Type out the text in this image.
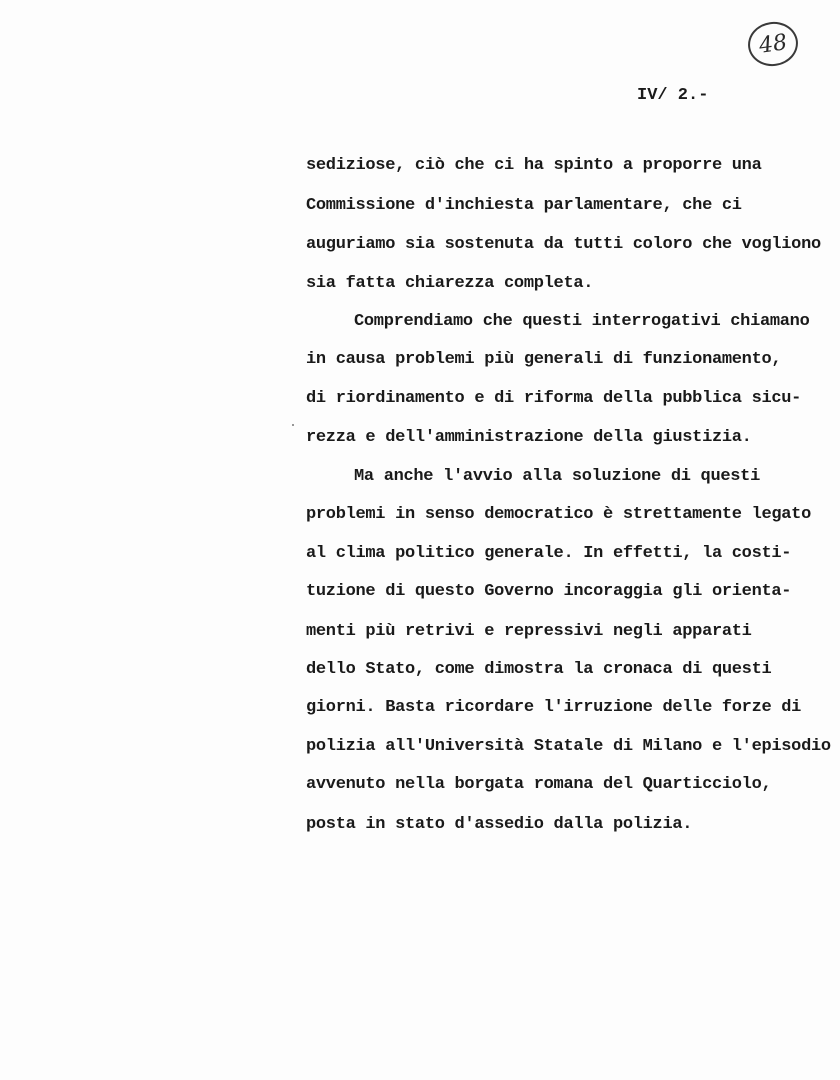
48
IV/ 2.-
sediziose, ciò che ci ha spinto a proporre una
Commissione d'inchiesta parlamentare, che ci
auguriamo sia sostenuta da tutti coloro che vogliono
sia fatta chiarezza completa.
Comprendiamo che questi interrogativi chiamano
in causa problemi più generali di funzionamento,
di riordinamento e di riforma della pubblica sicu-
rezza e dell'amministrazione della giustizia.
Ma anche l'avvio alla soluzione di questi
problemi in senso democratico è strettamente legato
al clima politico generale. In effetti, la costi-
tuzione di questo Governo incoraggia gli orienta-
menti più retrivi e repressivi negli apparati
dello Stato, come dimostra la cronaca di questi
giorni. Basta ricordare l'irruzione delle forze di
polizia all'Università Statale di Milano e l'episodio
avvenuto nella borgata romana del Quarticciolo,
posta in stato d'assedio dalla polizia.
